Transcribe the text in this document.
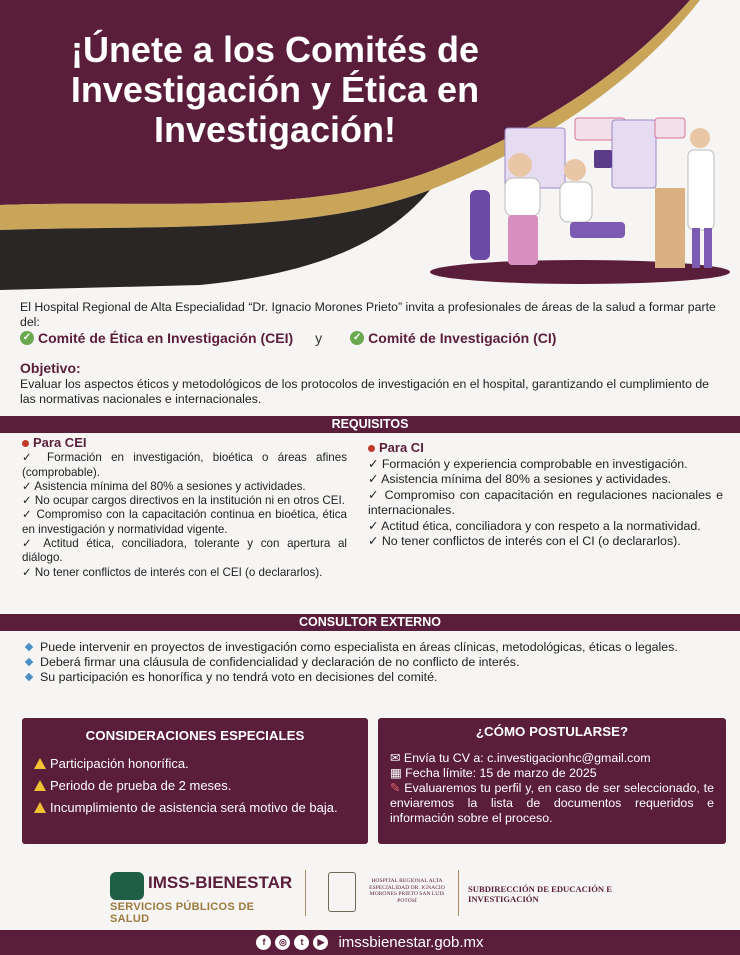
¡Únete a los Comités de Investigación y Ética en Investigación!

El Hospital Regional de Alta Especialidad “Dr. Ignacio Morones Prieto” invita a profesionales de áreas de la salud a formar parte del:

✓ Comité de Ética en Investigación (CEI) y	✓ Comité de Investigación (CI)
Objetivo:

Evaluar los aspectos éticos y metodológicos de los protocolos de investigación en el hospital, garantizando el cumplimiento de las normativas nacionales e internacionales.

REQUISITOS
Para CEI

✓ Formación en investigación, bioética o áreas afines (comprobable).

✓ Asistencia mínima del 80% a sesiones y actividades.

✓ No ocupar cargos directivos en la institución ni en otros CEI.

✓ Compromiso con la capacitación continua en bioética, ética en investigación y normatividad vigente.

✓ Actitud ética, conciliadora, tolerante y con apertura al diálogo.

✓ No tener conflictos de interés con el CEI (o declararlos).

Para CI

✓ Formación y experiencia comprobable en investigación.

✓ Asistencia mínima del 80% a sesiones y actividades.

✓ Compromiso con capacitación en regulaciones nacionales e internacionales.

✓ Actitud ética, conciliadora y con respeto a la normatividad.

✓ No tener conflictos de interés con el CI (o declararlos).

CONSULTOR EXTERNO

Puede intervenir en proyectos de investigación como especialista en áreas clínicas, metodológicas, éticas o legales.

Deberá firmar una cláusula de confidencialidad y declaración de no conflicto de interés.

Su participación es honorífica y no tendrá voto en decisiones del comité.

CONSIDERACIONES ESPECIALES
Participación honorífica.
Periodo de prueba de 2 meses.
Incumplimiento de asistencia será motivo de baja.
¿CÓMO POSTULARSE?
✉ Envía tu CV a: c.investigacionhc@gmail.com
▦ Fecha límite: 15 de marzo de 2025
✎ Evaluaremos tu perfil y, en caso de ser seleccionado, te enviaremos la lista de documentos requeridos e información sobre el proceso.
IMSS-BIENESTAR
SERVICIOS PÚBLICOS DE SALUD
HOSPITAL REGIONAL ALTA ESPECIALIDAD DR. IGNACIO MORONES PRIETO SAN LUIS POTOSÍ
SUBDIRECCIÓN DE EDUCACIÓN E INVESTIGACIÓN
f	◎	t	▶ imssbienestar.gob.mx
